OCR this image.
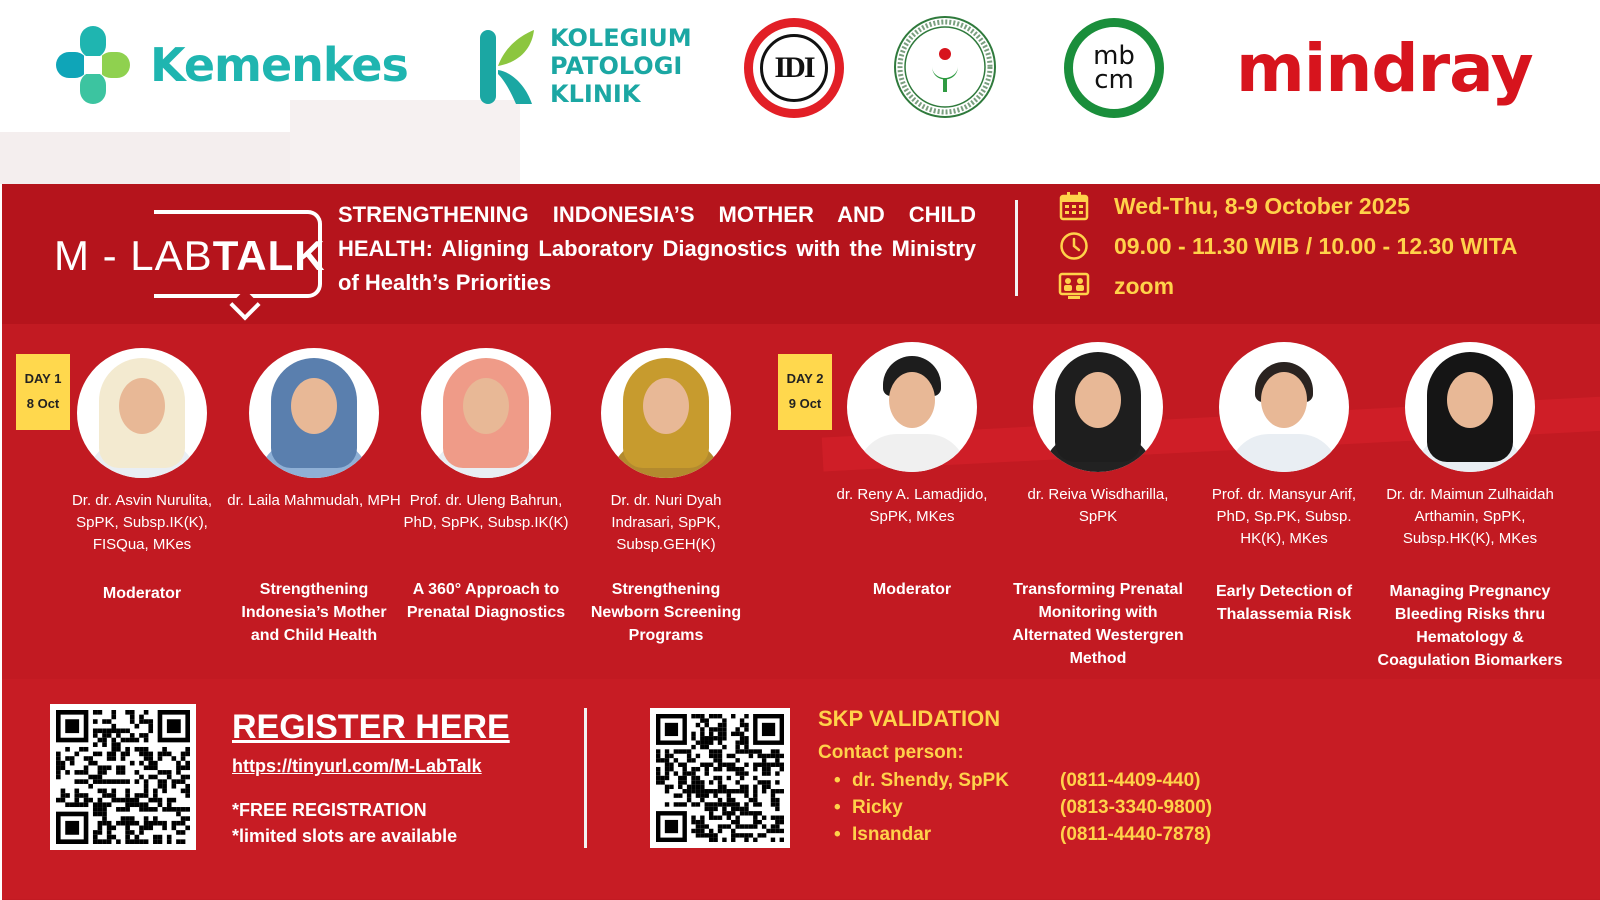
Kemenkes	KOLEGIUM
PATOLOGI
KLINIK
IDI	mb
cm mindray
M - LABTALK
STRENGTHENING INDONESIA’S MOTHER AND CHILD HEALTH: Aligning Laboratory Diagnostics with the Ministry of Health’s Priorities
Wed-Thu, 8-9 October 2025
09.00 - 11.30 WIB / 10.00 - 12.30 WITA
zoom
DAY 1
8 Oct
DAY 2
9 Oct
Dr. dr. Asvin Nurulita, SpPK, Subsp.IK(K), FISQua, MKes
dr. Laila Mahmudah, MPH Prof. dr. Uleng Bahrun, PhD, SpPK, Subsp.IK(K)
Dr. dr. Nuri Dyah Indrasari, SpPK, Subsp.GEH(K)
dr. Reny A. Lamadjido, SpPK, MKes
dr. Reiva Wisdharilla, SpPK
Prof. dr. Mansyur Arif, PhD, Sp.PK, Subsp. HK(K), MKes
Dr. dr. Maimun Zulhaidah Arthamin, SpPK, Subsp.HK(K), MKes
Moderator	Strengthening Indonesia’s Mother and Child Health
A 360° Approach to Prenatal Diagnostics
Strengthening Newborn Screening Programs
Moderator	Transforming Prenatal Monitoring with Alternated Westergren Method
Early Detection of Thalassemia Risk
Managing Pregnancy Bleeding Risks thru Hematology & Coagulation Biomarkers
REGISTER HERE
https://tinyurl.com/M-LabTalk
*FREE REGISTRATION
*limited slots are available
SKP VALIDATION
Contact person:
• dr. Shendy, SpPK	(0811-4409-440)
• Ricky	(0813-3340-9800)
• Isnandar	(0811-4440-7878)
